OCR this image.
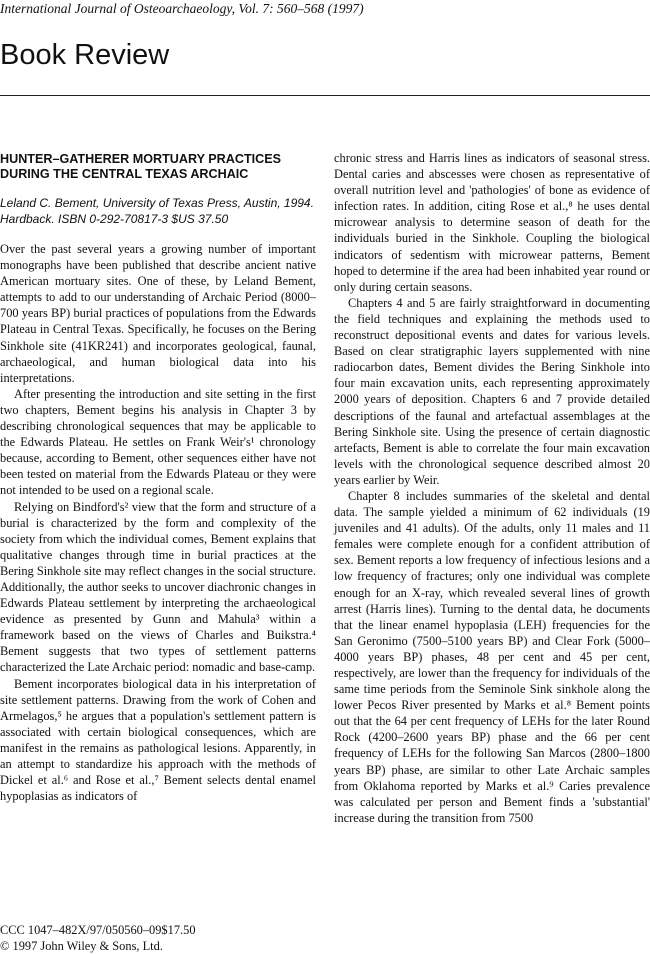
International Journal of Osteoarchaeology, Vol. 7: 560–568 (1997)
Book Review
HUNTER–GATHERER MORTUARY PRACTICES DURING THE CENTRAL TEXAS ARCHAIC
Leland C. Bement, University of Texas Press, Austin, 1994. Hardback. ISBN 0-292-70817-3 $US 37.50

Over the past several years a growing number of important monographs have been published that describe ancient native American mortuary sites. One of these, by Leland Bement, attempts to add to our understanding of Archaic Period (8000–700 years BP) burial practices of populations from the Edwards Plateau in Central Texas. Specifically, he focuses on the Bering Sinkhole site (41KR241) and incorporates geological, faunal, archaeological, and human biological data into his interpretations.

After presenting the introduction and site setting in the first two chapters, Bement begins his analysis in Chapter 3 by describing chronological sequences that may be applicable to the Edwards Plateau. He settles on Frank Weir's¹ chronology because, according to Bement, other sequences either have not been tested on material from the Edwards Plateau or they were not intended to be used on a regional scale.

Relying on Bindford's² view that the form and structure of a burial is characterized by the form and complexity of the society from which the individual comes, Bement explains that qualitative changes through time in burial practices at the Bering Sinkhole site may reflect changes in the social structure. Additionally, the author seeks to uncover diachronic changes in Edwards Plateau settlement by interpreting the archaeological evidence as presented by Gunn and Mahula³ within a framework based on the views of Charles and Buikstra.⁴ Bement suggests that two types of settlement patterns characterized the Late Archaic period: nomadic and base-camp.

Bement incorporates biological data in his interpretation of site settlement patterns. Drawing from the work of Cohen and Armelagos,⁵ he argues that a population's settlement pattern is associated with certain biological consequences, which are manifest in the remains as pathological lesions. Apparently, in an attempt to standardize his approach with the methods of Dickel et al.⁶ and Rose et al.,⁷ Bement selects dental enamel hypoplasias as indicators of

chronic stress and Harris lines as indicators of seasonal stress. Dental caries and abscesses were chosen as representative of overall nutrition level and 'pathologies' of bone as evidence of infection rates. In addition, citing Rose et al.,⁸ he uses dental microwear analysis to determine season of death for the individuals buried in the Sinkhole. Coupling the biological indicators of sedentism with microwear patterns, Bement hoped to determine if the area had been inhabited year round or only during certain seasons.

Chapters 4 and 5 are fairly straightforward in documenting the field techniques and explaining the methods used to reconstruct depositional events and dates for various levels. Based on clear stratigraphic layers supplemented with nine radiocarbon dates, Bement divides the Bering Sinkhole into four main excavation units, each representing approximately 2000 years of deposition. Chapters 6 and 7 provide detailed descriptions of the faunal and artefactual assemblages at the Bering Sinkhole site. Using the presence of certain diagnostic artefacts, Bement is able to correlate the four main excavation levels with the chronological sequence described almost 20 years earlier by Weir.

Chapter 8 includes summaries of the skeletal and dental data. The sample yielded a minimum of 62 individuals (19 juveniles and 41 adults). Of the adults, only 11 males and 11 females were complete enough for a confident attribution of sex. Bement reports a low frequency of infectious lesions and a low frequency of fractures; only one individual was complete enough for an X-ray, which revealed several lines of growth arrest (Harris lines). Turning to the dental data, he documents that the linear enamel hypoplasia (LEH) frequencies for the San Geronimo (7500–5100 years BP) and Clear Fork (5000–4000 years BP) phases, 48 per cent and 45 per cent, respectively, are lower than the frequency for individuals of the same time periods from the Seminole Sink sinkhole along the lower Pecos River presented by Marks et al.⁸ Bement points out that the 64 per cent frequency of LEHs for the later Round Rock (4200–2600 years BP) phase and the 66 per cent frequency of LEHs for the following San Marcos (2800–1800 years BP) phase, are similar to other Late Archaic samples from Oklahoma reported by Marks et al.⁹ Caries prevalence was calculated per person and Bement finds a 'substantial' increase during the transition from 7500

CCC 1047–482X/97/050560–09$17.50
© 1997 John Wiley & Sons, Ltd.
